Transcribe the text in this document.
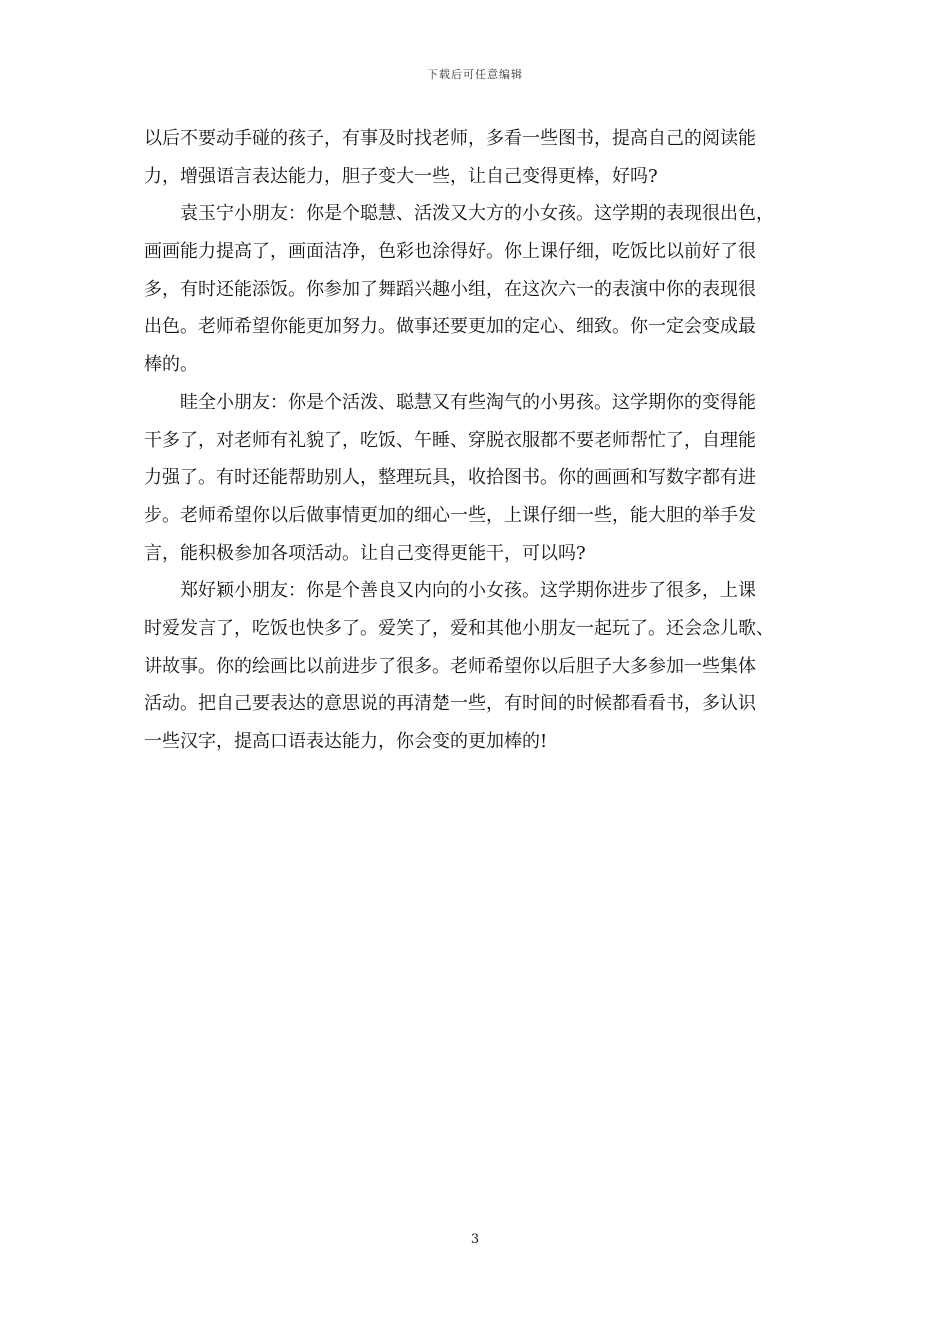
下载后可任意编辑
以后不要动手碰的孩子，有事及时找老师，多看一些图书，提高自己的阅读能
力，增强语言表达能力，胆子变大一些，让自己变得更棒，好吗?
　　袁玉宁小朋友：你是个聪慧、活泼又大方的小女孩。这学期的表现很出色，
画画能力提高了，画面洁净，色彩也涂得好。你上课仔细，吃饭比以前好了很
多，有时还能添饭。你参加了舞蹈兴趣小组，在这次六一的表演中你的表现很
出色。老师希望你能更加努力。做事还要更加的定心、细致。你一定会变成最
棒的。
　　眭全小朋友：你是个活泼、聪慧又有些淘气的小男孩。这学期你的变得能
干多了，对老师有礼貌了，吃饭、午睡、穿脱衣服都不要老师帮忙了，自理能
力强了。有时还能帮助别人，整理玩具，收拾图书。你的画画和写数字都有进
步。老师希望你以后做事情更加的细心一些，上课仔细一些，能大胆的举手发
言，能积极参加各项活动。让自己变得更能干，可以吗?
　　郑好颖小朋友：你是个善良又内向的小女孩。这学期你进步了很多，上课
时爱发言了，吃饭也快多了。爱笑了，爱和其他小朋友一起玩了。还会念儿歌、
讲故事。你的绘画比以前进步了很多。老师希望你以后胆子大多参加一些集体
活动。把自己要表达的意思说的再清楚一些，有时间的时候都看看书，多认识
一些汉字，提高口语表达能力，你会变的更加棒的!
3
